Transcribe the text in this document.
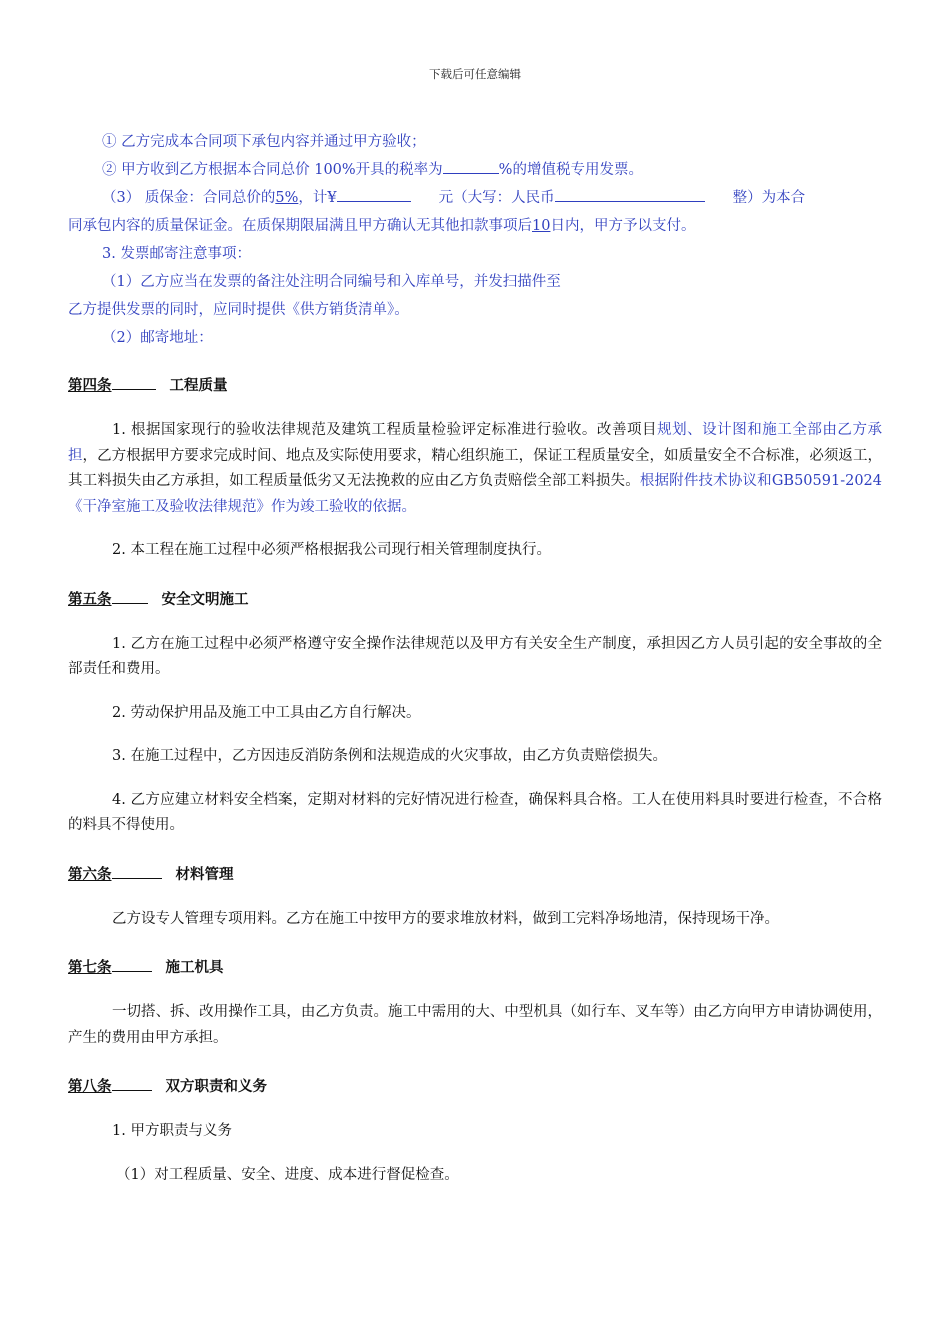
下载后可任意编辑
① 乙方完成本合同项下承包内容并通过甲方验收；
② 甲方收到乙方根据本合同总价 100%开具的税率为	%的增值税专用发票。
（3） 质保金：合同总价的5%，计¥	元（大写：人民币	整）为本合
同承包内容的质量保证金。在质保期限届满且甲方确认无其他扣款事项后10日内，甲方予以支付。
3. 发票邮寄注意事项：
（1）乙方应当在发票的备注处注明合同编号和入库单号，并发扫描件至
乙方提供发票的同时，应同时提供《供方销货清单》。
（2）邮寄地址：
第四条	工程质量
1. 根据国家现行的验收法律规范及建筑工程质量检验评定标准进行验收。改善项目规划、设计图和施工全部由乙方承担，乙方根据甲方要求完成时间、地点及实际使用要求，精心组织施工，保证工程质量安全，如质量安全不合标准，必须返工，其工料损失由乙方承担，如工程质量低劣又无法挽救的应由乙方负责赔偿全部工料损失。根据附件技术协议和GB50591-2024《干净室施工及验收法律规范》作为竣工验收的依据。
2. 本工程在施工过程中必须严格根据我公司现行相关管理制度执行。
第五条	安全文明施工
1. 乙方在施工过程中必须严格遵守安全操作法律规范以及甲方有关安全生产制度，承担因乙方人员引起的安全事故的全部责任和费用。
2. 劳动保护用品及施工中工具由乙方自行解决。
3. 在施工过程中，乙方因违反消防条例和法规造成的火灾事故，由乙方负责赔偿损失。
4. 乙方应建立材料安全档案，定期对材料的完好情况进行检查，确保料具合格。工人在使用料具时要进行检查，不合格的料具不得使用。
第六条	材料管理
乙方设专人管理专项用料。乙方在施工中按甲方的要求堆放材料，做到工完料净场地清，保持现场干净。
第七条	施工机具
一切搭、拆、改用操作工具，由乙方负责。施工中需用的大、中型机具（如行车、叉车等）由乙方向甲方申请协调使用，产生的费用由甲方承担。
第八条	双方职责和义务
1. 甲方职责与义务
（1）对工程质量、安全、进度、成本进行督促检查。
